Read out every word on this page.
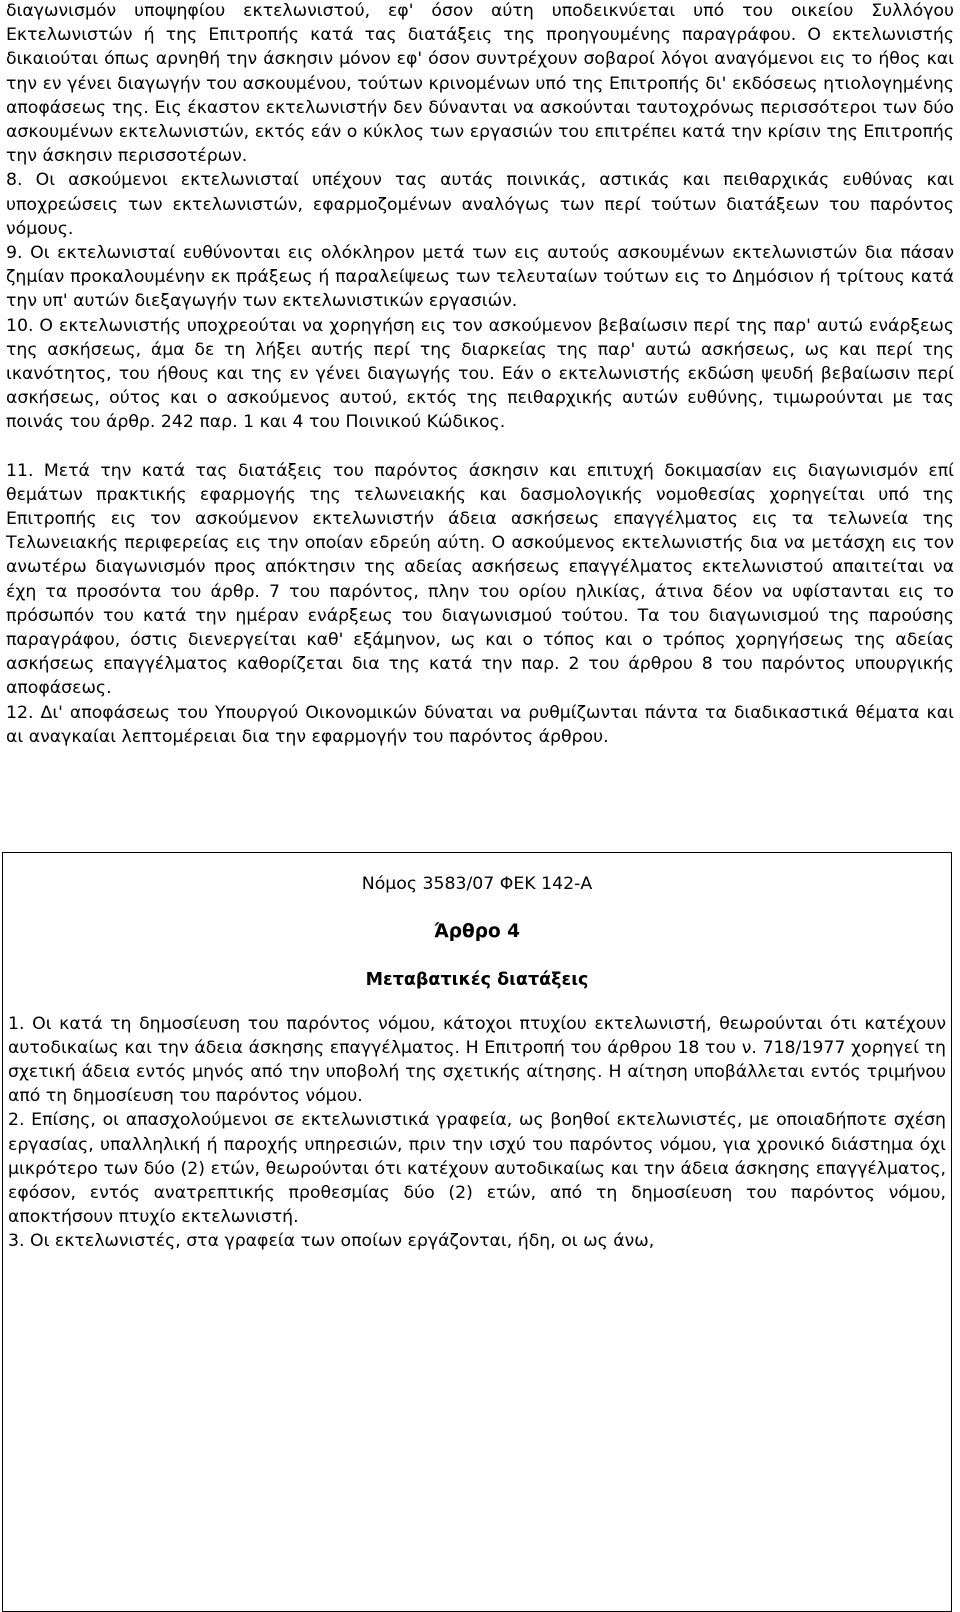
διαγωνισμόν υποψηφίου εκτελωνιστού, εφ' όσον αύτη υποδεικνύεται υπό του οικείου Συλλόγου Εκτελωνιστών ή της Επιτροπής κατά τας διατάξεις της προηγουμένης παραγράφου. Ο εκτελωνιστής δικαιούται όπως αρνηθή την άσκησιν μόνον εφ' όσον συντρέχουν σοβαροί λόγοι αναγόμενοι εις το ήθος και την εν γένει διαγωγήν του ασκουμένου, τούτων κρινομένων υπό της Επιτροπής δι' εκδόσεως ητιολογημένης αποφάσεως της. Εις έκαστον εκτελωνιστήν δεν δύνανται να ασκούνται ταυτοχρόνως περισσότεροι των δύο ασκουμένων εκτελωνιστών, εκτός εάν ο κύκλος των εργασιών του επιτρέπει κατά την κρίσιν της Επιτροπής την άσκησιν περισσοτέρων.

8. Οι ασκούμενοι εκτελωνισταί υπέχουν τας αυτάς ποινικάς, αστικάς και πειθαρχικάς ευθύνας και υποχρεώσεις των εκτελωνιστών, εφαρμοζομένων αναλόγως των περί τούτων διατάξεων του παρόντος νόμους.

9. Οι εκτελωνισταί ευθύνονται εις ολόκληρον μετά των εις αυτούς ασκουμένων εκτελωνιστών δια πάσαν ζημίαν προκαλουμένην εκ πράξεως ή παραλείψεως των τελευταίων τούτων εις το Δημόσιον ή τρίτους κατά την υπ' αυτών διεξαγωγήν των εκτελωνιστικών εργασιών.

10. Ο εκτελωνιστής υποχρεούται να χορηγήση εις τον ασκούμενον βεβαίωσιν περί της παρ' αυτώ ενάρξεως της ασκήσεως, άμα δε τη λήξει αυτής περί της διαρκείας της παρ' αυτώ ασκήσεως, ως και περί της ικανότητος, του ήθους και της εν γένει διαγωγής του. Εάν ο εκτελωνιστής εκδώση ψευδή βεβαίωσιν περί ασκήσεως, ούτος και ο ασκούμενος αυτού, εκτός της πειθαρχικής αυτών ευθύνης, τιμωρούνται με τας ποινάς του άρθρ. 242 παρ. 1 και 4 του Ποινικού Κώδικος.

11. Μετά την κατά τας διατάξεις του παρόντος άσκησιν και επιτυχή δοκιμασίαν εις διαγωνισμόν επί θεμάτων πρακτικής εφαρμογής της τελωνειακής και δασμολογικής νομοθεσίας χορηγείται υπό της Επιτροπής εις τον ασκούμενον εκτελωνιστήν άδεια ασκήσεως επαγγέλματος εις τα τελωνεία της Τελωνειακής περιφερείας εις την οποίαν εδρεύη αύτη. Ο ασκούμενος εκτελωνιστής δια να μετάσχη εις τον ανωτέρω διαγωνισμόν προς απόκτησιν της αδείας ασκήσεως επαγγέλματος εκτελωνιστού απαιτείται να έχη τα προσόντα του άρθρ. 7 του παρόντος, πλην του ορίου ηλικίας, άτινα δέον να υφίστανται εις το πρόσωπόν του κατά την ημέραν ενάρξεως του διαγωνισμού τούτου. Τα του διαγωνισμού της παρούσης παραγράφου, όστις διενεργείται καθ' εξάμηνον, ως και ο τόπος και ο τρόπος χορηγήσεως της αδείας ασκήσεως επαγγέλματος καθορίζεται δια της κατά την παρ. 2 του άρθρου 8 του παρόντος υπουργικής αποφάσεως.

12. Δι' αποφάσεως του Υπουργού Οικονομικών δύναται να ρυθμίζωνται πάντα τα διαδικαστικά θέματα και αι αναγκαίαι λεπτομέρειαι δια την εφαρμογήν του παρόντος άρθρου.

Νόμος 3583/07 ΦΕΚ 142-Α

Άρθρο 4

Μεταβατικές διατάξεις

1. Οι κατά τη δημοσίευση του παρόντος νόμου, κάτοχοι πτυχίου εκτελωνιστή, θεωρούνται ότι κατέχουν αυτοδικαίως και την άδεια άσκησης επαγγέλματος. Η Επιτροπή του άρθρου 18 του ν. 718/1977 χορηγεί τη σχετική άδεια εντός μηνός από την υποβολή της σχετικής αίτησης. Η αίτηση υποβάλλεται εντός τριμήνου από τη δημοσίευση του παρόντος νόμου.

2. Επίσης, οι απασχολούμενοι σε εκτελωνιστικά γραφεία, ως βοηθοί εκτελωνιστές, με οποιαδήποτε σχέση εργασίας, υπαλληλική ή παροχής υπηρεσιών, πριν την ισχύ του παρόντος νόμου, για χρονικό διάστημα όχι μικρότερο των δύο (2) ετών, θεωρούνται ότι κατέχουν αυτοδικαίως και την άδεια άσκησης επαγγέλματος, εφόσον, εντός ανατρεπτικής προθεσμίας δύο (2) ετών, από τη δημοσίευση του παρόντος νόμου, αποκτήσουν πτυχίο εκτελωνιστή.

3. Οι εκτελωνιστές, στα γραφεία των οποίων εργάζονται, ήδη, οι ως άνω,
